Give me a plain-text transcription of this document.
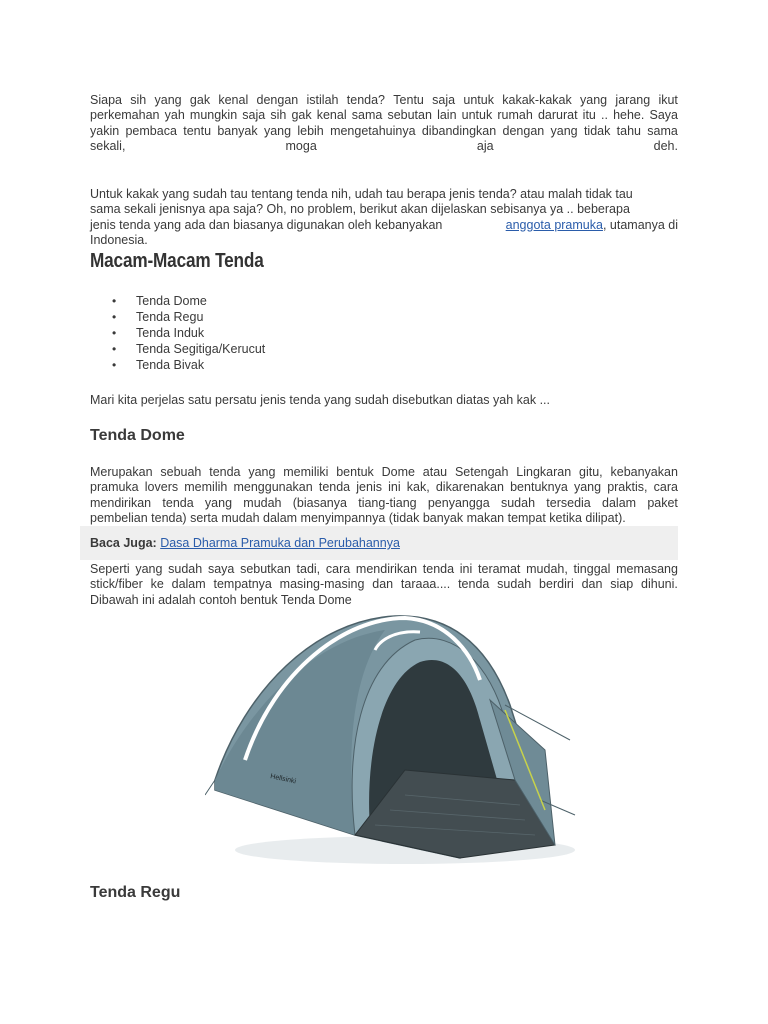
Siapa sih yang gak kenal dengan istilah tenda? Tentu saja untuk kakak-kakak yang jarang ikut

perkemahan yah mungkin saja sih gak kenal sama sebutan lain untuk rumah darurat itu .. hehe. Saya

yakin pembaca tentu banyak yang lebih mengetahuinya dibandingkan dengan yang tidak tahu sama

sekali,	moga	aja	deh.

Untuk kakak yang sudah tau tentang tenda nih, udah tau berapa jenis tenda? atau malah tidak tau

sama sekali jenisnya apa saja? Oh, no problem, berikut akan dijelaskan sebisanya ya .. beberapa

jenis tenda yang ada dan biasanya digunakan oleh kebanyakan	anggota pramuka, utamanya di

Indonesia.

Macam-Macam Tenda
• Tenda Dome
• Tenda Regu
• Tenda Induk
• Tenda Segitiga/Kerucut
• Tenda Bivak

Mari kita perjelas satu persatu jenis tenda yang sudah disebutkan diatas yah kak ...

Tenda Dome

Merupakan sebuah tenda yang memiliki bentuk Dome atau Setengah Lingkaran gitu, kebanyakan

pramuka lovers memilih menggunakan tenda jenis ini kak, dikarenakan bentuknya yang praktis, cara

mendirikan tenda yang mudah (biasanya tiang-tiang penyangga sudah tersedia dalam paket

pembelian tenda) serta mudah dalam menyimpannya (tidak banyak makan tempat ketika dilipat).

Baca Juga: Dasa Dharma Pramuka dan Perubahannya

Seperti yang sudah saya sebutkan tadi, cara mendirikan tenda ini teramat mudah, tinggal memasang

stick/fiber ke dalam tempatnya masing-masing dan taraaa.... tenda sudah berdiri dan siap dihuni.

Dibawah ini adalah contoh bentuk Tenda Dome

Hellsinki
Tenda Regu
